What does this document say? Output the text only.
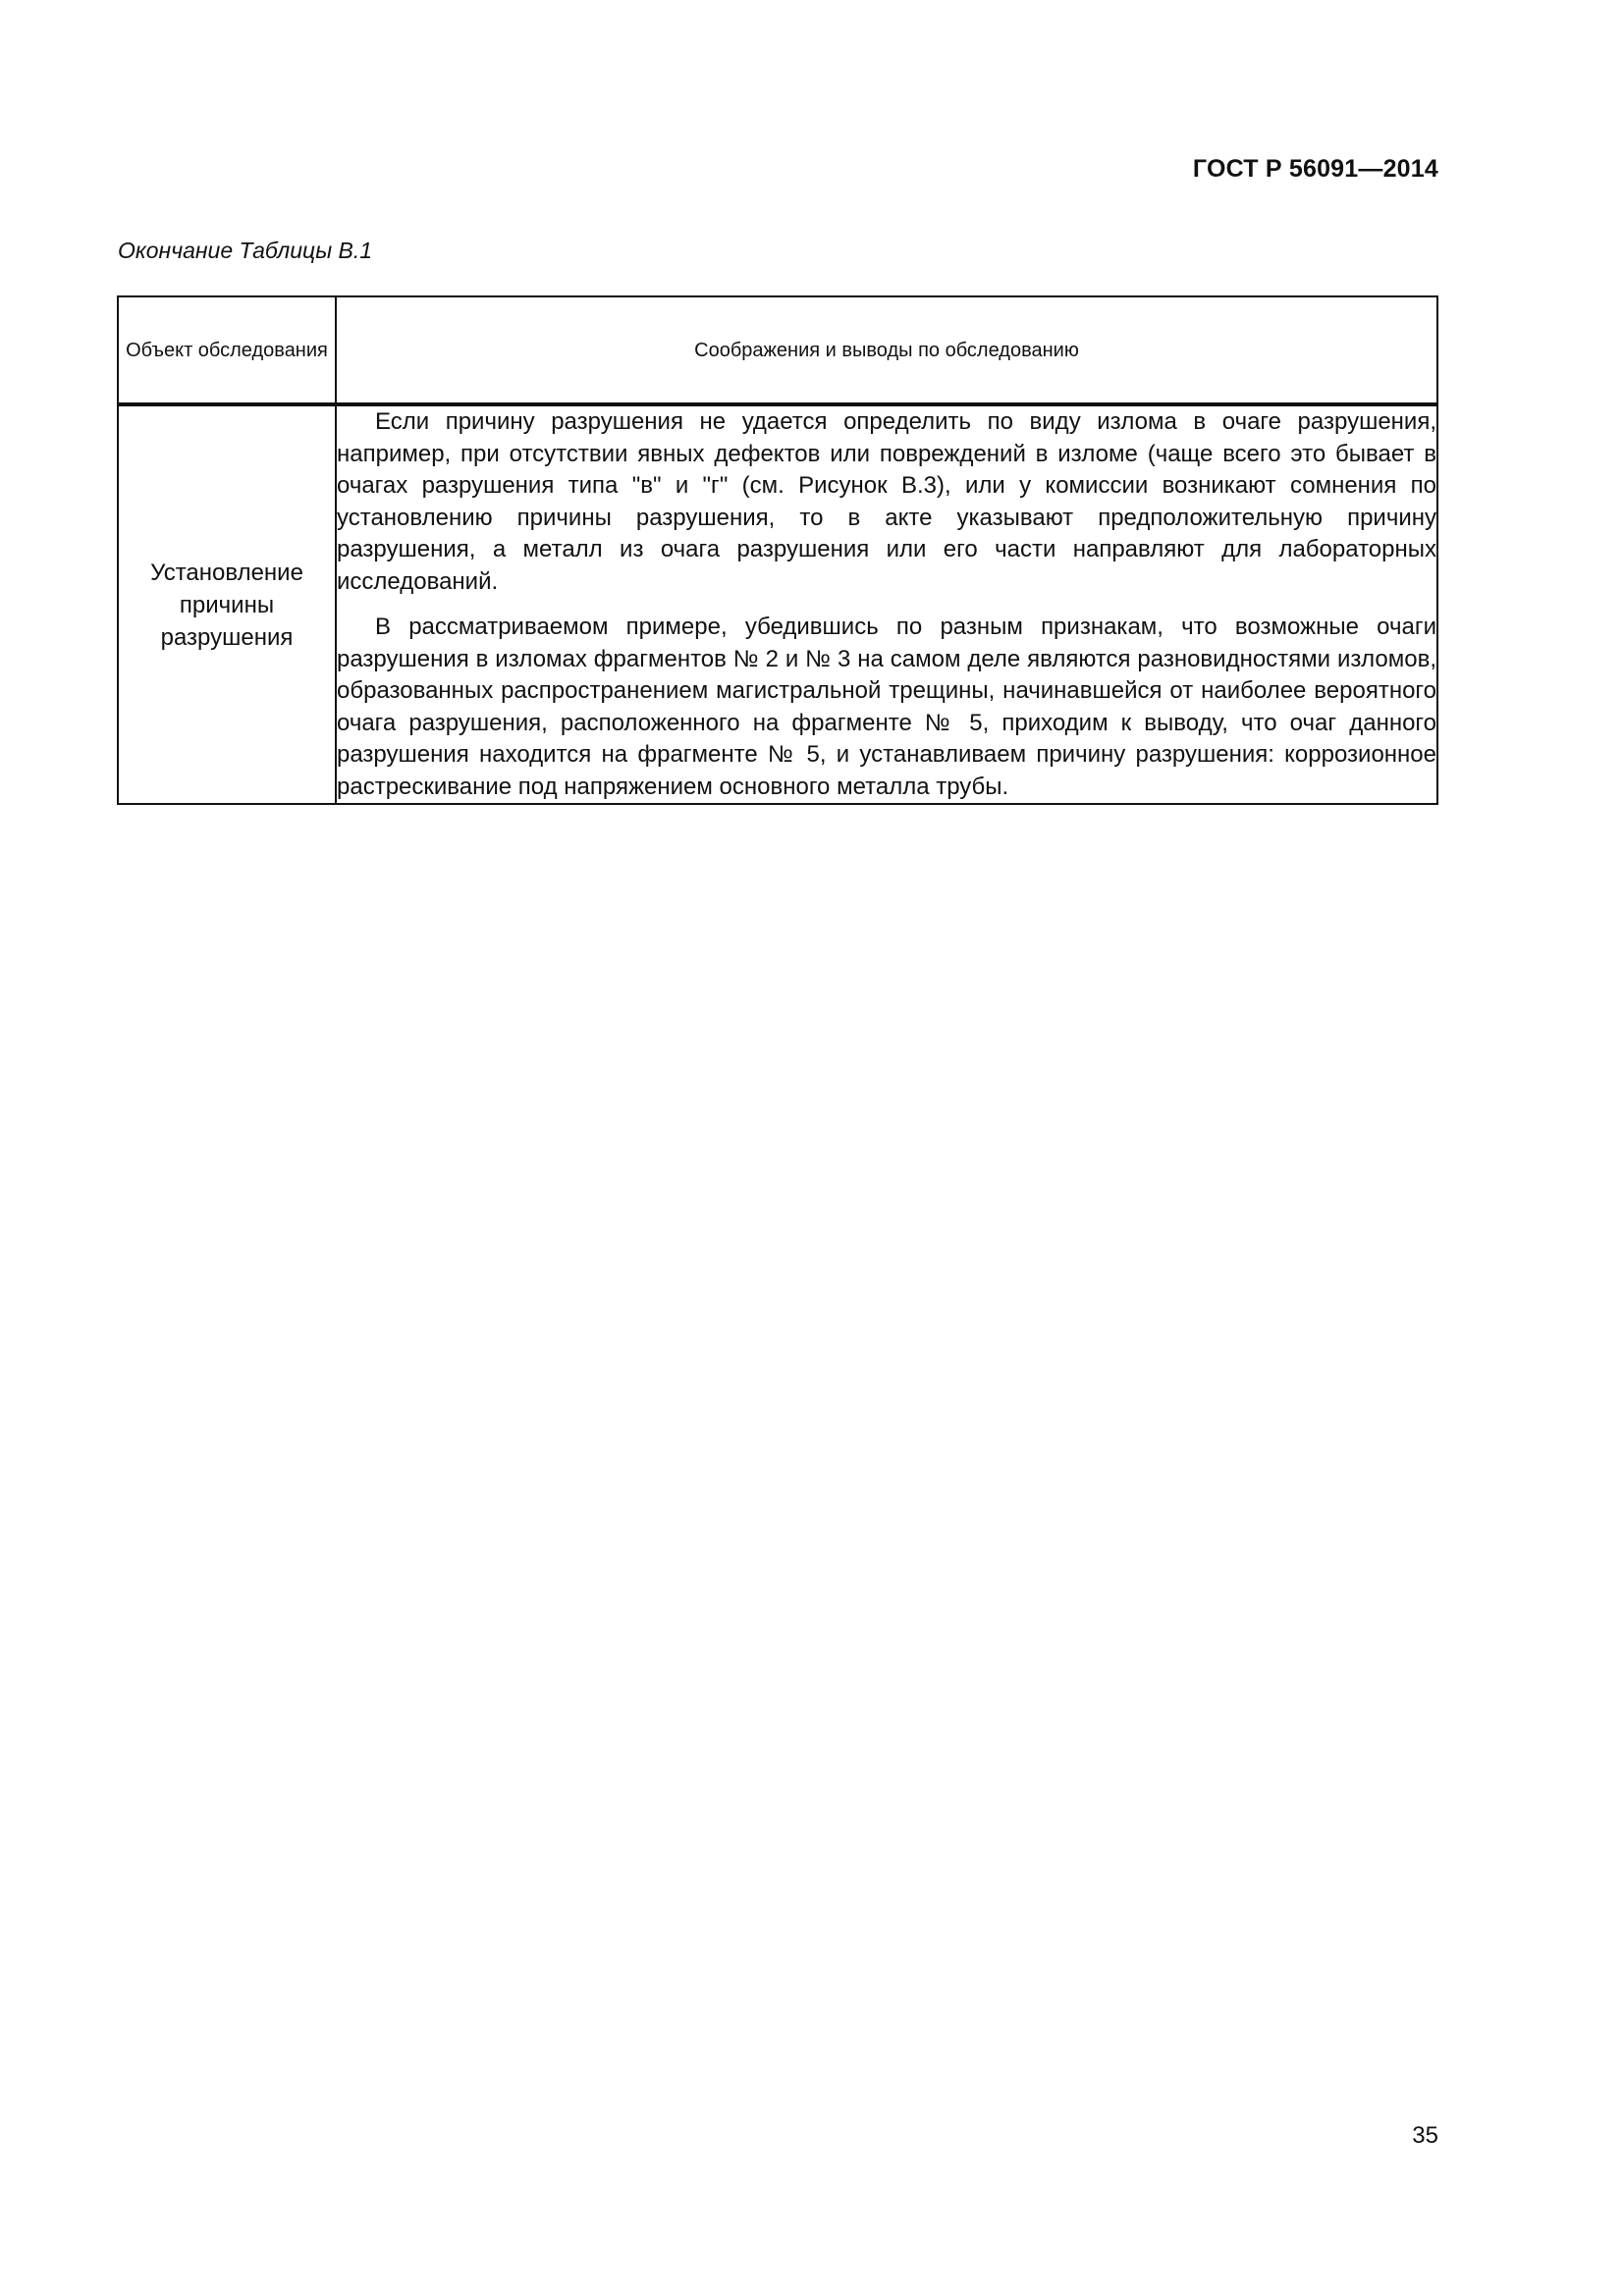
ГОСТ Р 56091—2014
Окончание Таблицы В.1
Объект обследования	Соображения и выводы по обследованию
Установление причины разрушения	Если причину разрушения не удается определить по виду излома в очаге разрушения, например, при отсутствии явных дефектов или повреждений в изломе (чаще всего это бывает в очагах разрушения типа "в" и "г" (см. Рисунок В.3), или у комиссии возникают сомнения по установлению причины разрушения, то в акте указывают предположительную причину разрушения, а металл из очага разрушения или его части направляют для лабораторных исследований.

В рассматриваемом примере, убедившись по разным признакам, что возможные очаги разрушения в изломах фрагментов № 2 и № 3 на самом деле являются разновидностями изломов, образованных распространением магистральной трещины, начинавшейся от наиболее вероятного очага разрушения, расположенного на фрагменте № 5, приходим к выводу, что очаг данного разрушения находится на фрагменте № 5, и устанавливаем причину разрушения: коррозионное растрескивание под напряжением основного металла трубы.

35
